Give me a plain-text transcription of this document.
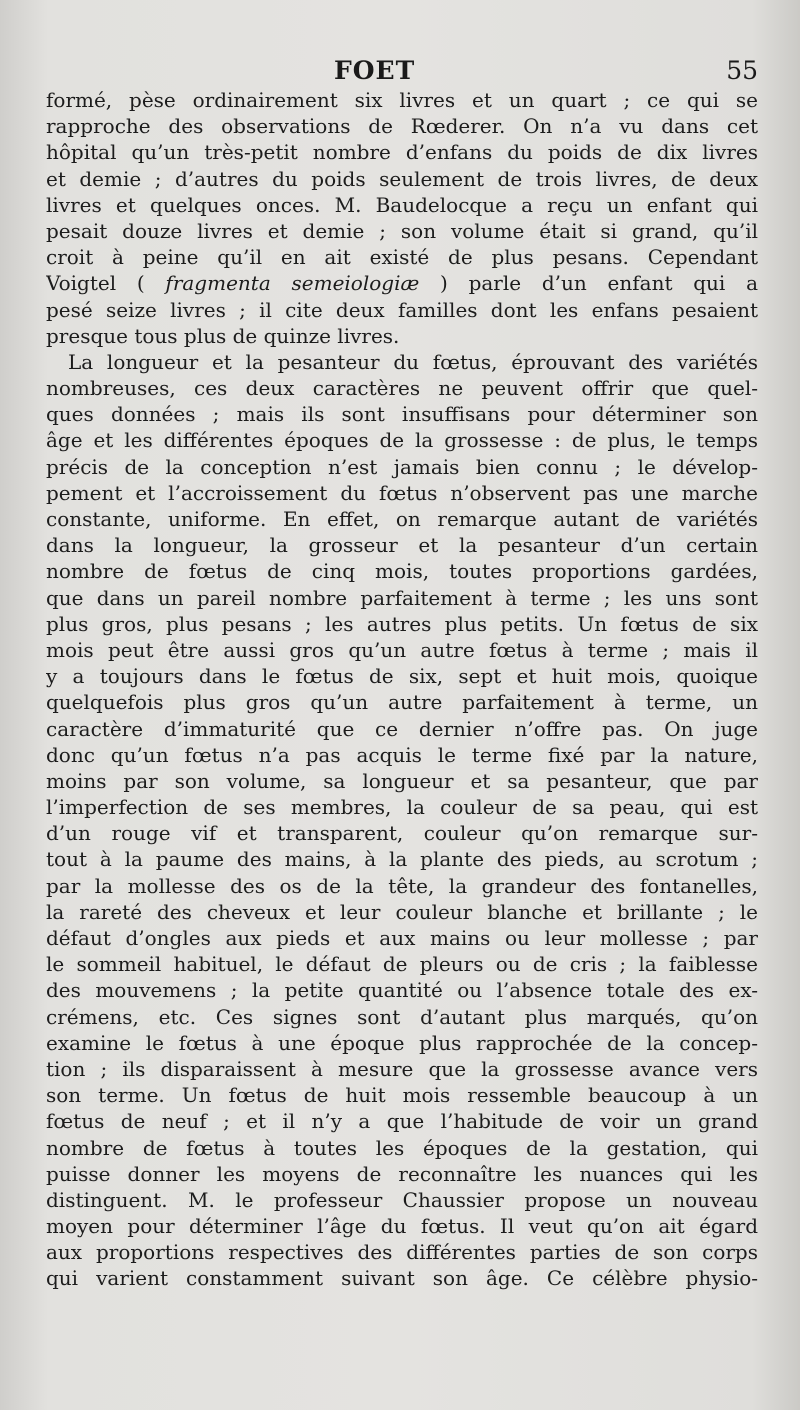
FOET	55
formé, pèse ordinairement six livres et un quart ; ce qui se
rapproche des observations de Rœderer. On n’a vu dans cet
hôpital qu’un très-petit nombre d’enfans du poids de dix livres
et demie ; d’autres du poids seulement de trois livres, de deux
livres et quelques onces. M. Baudelocque a reçu un enfant qui
pesait douze livres et demie ; son volume était si grand, qu’il
croit à peine qu’il en ait existé de plus pesans. Cependant
Voigtel ( fragmenta semeiologiæ ) parle d’un enfant qui a
pesé seize livres ; il cite deux familles dont les enfans pesaient
presque tous plus de quinze livres.
La longueur et la pesanteur du fœtus, éprouvant des variétés
nombreuses, ces deux caractères ne peuvent offrir que quel-
ques données ; mais ils sont insuffisans pour déterminer son
âge et les différentes époques de la grossesse : de plus, le temps
précis de la conception n’est jamais bien connu ; le dévelop-
pement et l’accroissement du fœtus n’observent pas une marche
constante, uniforme. En effet, on remarque autant de variétés
dans la longueur, la grosseur et la pesanteur d’un certain
nombre de fœtus de cinq mois, toutes proportions gardées,
que dans un pareil nombre parfaitement à terme ; les uns sont
plus gros, plus pesans ; les autres plus petits. Un fœtus de six
mois peut être aussi gros qu’un autre fœtus à terme ; mais il
y a toujours dans le fœtus de six, sept et huit mois, quoique
quelquefois plus gros qu’un autre parfaitement à terme, un
caractère d’immaturité que ce dernier n’offre pas. On juge
donc qu’un fœtus n’a pas acquis le terme fixé par la nature,
moins par son volume, sa longueur et sa pesanteur, que par
l’imperfection de ses membres, la couleur de sa peau, qui est
d’un rouge vif et transparent, couleur qu’on remarque sur-
tout à la paume des mains, à la plante des pieds, au scrotum ;
par la mollesse des os de la tête, la grandeur des fontanelles,
la rareté des cheveux et leur couleur blanche et brillante ; le
défaut d’ongles aux pieds et aux mains ou leur mollesse ; par
le sommeil habituel, le défaut de pleurs ou de cris ; la faiblesse
des mouvemens ; la petite quantité ou l’absence totale des ex-
crémens, etc. Ces signes sont d’autant plus marqués, qu’on
examine le fœtus à une époque plus rapprochée de la concep-
tion ; ils disparaissent à mesure que la grossesse avance vers
son terme. Un fœtus de huit mois ressemble beaucoup à un
fœtus de neuf ; et il n’y a que l’habitude de voir un grand
nombre de fœtus à toutes les époques de la gestation, qui
puisse donner les moyens de reconnaître les nuances qui les
distinguent. M. le professeur Chaussier propose un nouveau
moyen pour déterminer l’âge du fœtus. Il veut qu’on ait égard
aux proportions respectives des différentes parties de son corps
qui varient constamment suivant son âge. Ce célèbre physio-
